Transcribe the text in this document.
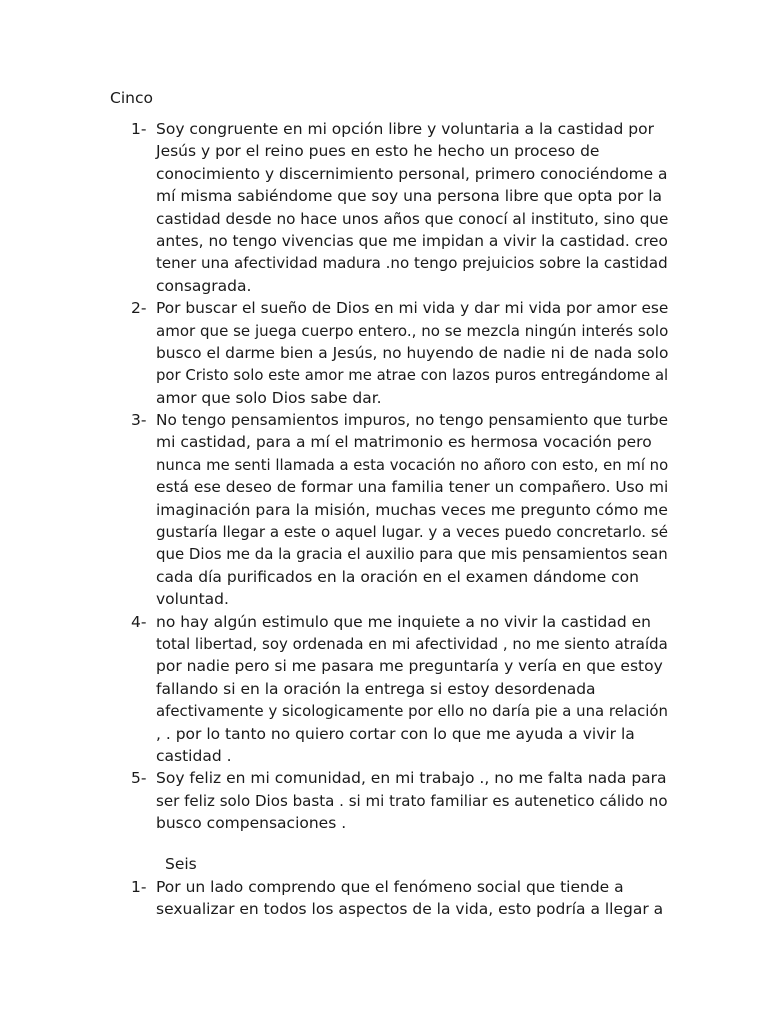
Cinco
1- Soy congruente en mi opción libre y voluntaria a la castidad por
Jesús y por el reino pues en esto he hecho un proceso de
conocimiento y discernimiento personal, primero conociéndome a
mí misma sabiéndome que soy una persona libre que opta por la
castidad desde no hace unos años que conocí al instituto, sino que
antes, no tengo vivencias que me impidan a vivir la castidad. creo
tener una afectividad madura .no tengo prejuicios sobre la castidad
consagrada.
2- Por buscar el sueño de Dios en mi vida y dar mi vida por amor ese
amor que se juega cuerpo entero., no se mezcla ningún interés solo
busco el darme bien a Jesús, no huyendo de nadie ni de nada solo
por Cristo solo este amor me atrae con lazos puros entregándome al
amor que solo Dios sabe dar.
3- No tengo pensamientos impuros, no tengo pensamiento que turbe
mi castidad, para a mí el matrimonio es hermosa vocación pero
nunca me senti llamada a esta vocación no añoro con esto, en mí no
está ese deseo de formar una familia tener un compañero. Uso mi
imaginación para la misión, muchas veces me pregunto cómo me
gustaría llegar a este o aquel lugar. y a veces puedo concretarlo. sé
que Dios me da la gracia el auxilio para que mis pensamientos sean
cada día purificados en la oración en el examen dándome con
voluntad.
4- no hay algún estimulo que me inquiete a no vivir la castidad en
total libertad, soy ordenada en mi afectividad , no me siento atraída
por nadie pero si me pasara me preguntaría y vería en que estoy
fallando si en la oración la entrega si estoy desordenada
afectivamente y sicologicamente por ello no daría pie a una relación
, . por lo tanto no quiero cortar con lo que me ayuda a vivir la
castidad .
5- Soy feliz en mi comunidad, en mi trabajo ., no me falta nada para
ser feliz solo Dios basta . si mi trato familiar es autenetico cálido no
busco compensaciones .
Seis
1- Por un lado comprendo que el fenómeno social que tiende a
sexualizar en todos los aspectos de la vida, esto podría a llegar a
